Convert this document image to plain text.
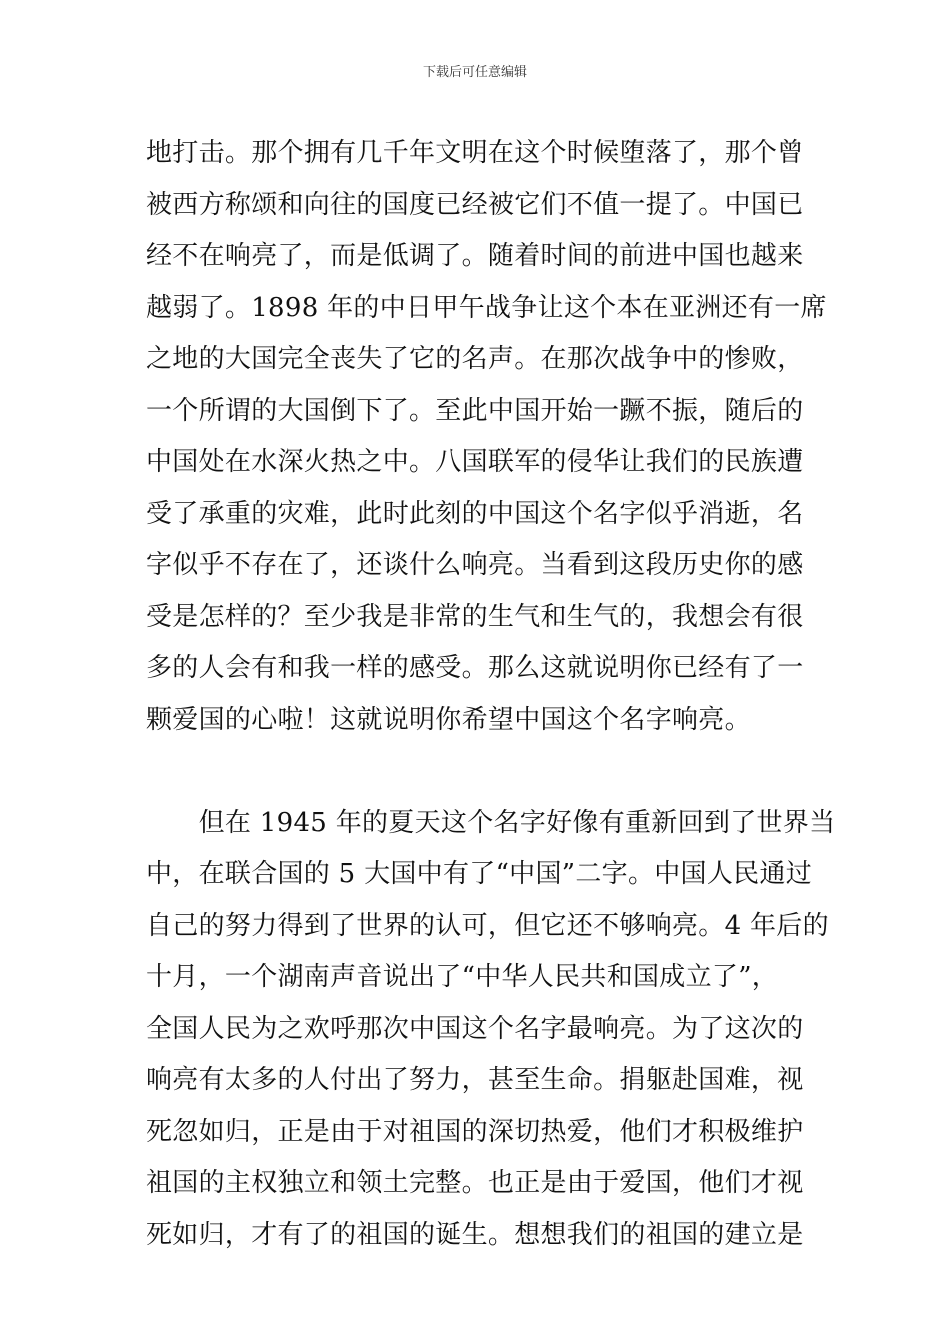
下载后可任意编辑
地打击。那个拥有几千年文明在这个时候堕落了，那个曾
被西方称颂和向往的国度已经被它们不值一提了。中国已
经不在响亮了，而是低调了。随着时间的前进中国也越来
越弱了。1898 年的中日甲午战争让这个本在亚洲还有一席
之地的大国完全丧失了它的名声。在那次战争中的惨败，
一个所谓的大国倒下了。至此中国开始一蹶不振，随后的
中国处在水深火热之中。八国联军的侵华让我们的民族遭
受了承重的灾难，此时此刻的中国这个名字似乎消逝，名
字似乎不存在了，还谈什么响亮。当看到这段历史你的感
受是怎样的？至少我是非常的生气和生气的，我想会有很
多的人会有和我一样的感受。那么这就说明你已经有了一
颗爱国的心啦！这就说明你希望中国这个名字响亮。
　　但在 1945 年的夏天这个名字好像有重新回到了世界当
中，在联合国的 5 大国中有了“中国”二字。中国人民通过
自己的努力得到了世界的认可，但它还不够响亮。4 年后的
十月，一个湖南声音说出了“中华人民共和国成立了”，
全国人民为之欢呼那次中国这个名字最响亮。为了这次的
响亮有太多的人付出了努力，甚至生命。捐躯赴国难，视
死忽如归，正是由于对祖国的深切热爱，他们才积极维护
祖国的主权独立和领土完整。也正是由于爱国，他们才视
死如归，才有了的祖国的诞生。想想我们的祖国的建立是
